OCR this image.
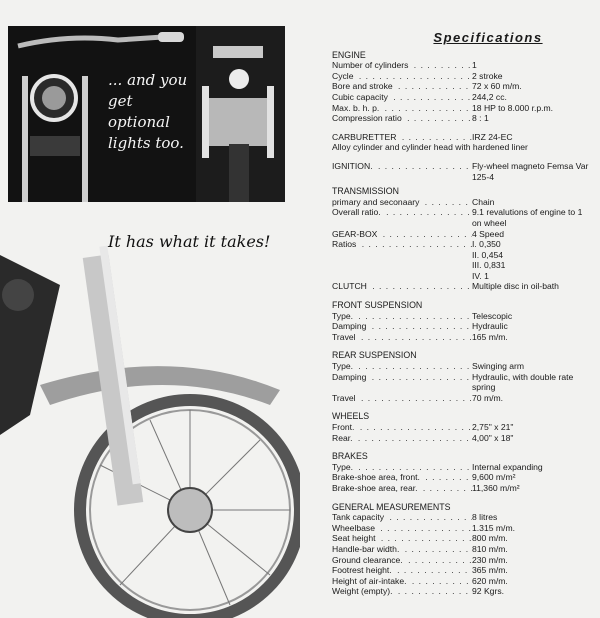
... and you get optional lights too.
It has what it takes!
Specifications
ENGINE
Number of cylinders . . .	1
Cycle . . .	2 stroke
Bore and stroke . . .	72 x 60 m/m.
Cubic capacity . . .	244,2 cc.
Max. b. h. p. . . .	18 HP to 8.000 r.p.m.
Compression ratio . . .	8 : 1
CARBURETTER . . .	IRZ 24-EC
Alloy cylinder and cylinder head with hardened liner
IGNITION. . . .	Fly-wheel magneto Femsa Var 125-4
TRANSMISSION
primary and seconaary . . .	Chain
Overall ratio. . . .	9.1 revalutions of engine to 1 on wheel
GEAR-BOX . . .	4 Speed
Ratios . . .	I. 0,350
II. 0,454
III. 0,831
IV. 1
CLUTCH . . .	Multiple disc in oil-bath
FRONT SUSPENSION
Type. . . .	Telescopic
Damping . . .	Hydraulic
Travel . . .	165 m/m.
REAR SUSPENSION
Type. . . .	Swinging arm
Damping . . .	Hydraulic, with double rate spring
Travel . . .	70 m/m.
WHEELS
Front. . . .	2,75" x 21"
Rear. . . .	4,00" x 18"
BRAKES
Type. . . .	Internal expanding
Brake-shoe area, front. . . .	9,600 m/m²
Brake-shoe area, rear. . . .	11,360 m/m²
GENERAL MEASUREMENTS
Tank capacity . . .	8 litres
Wheelbase . . .	1.315 m/m.
Seat height . . .	800 m/m.
Handle-bar width. . . .	810 m/m.
Ground clearance. . . .	230 m/m.
Footrest height. . . .	365 m/m.
Height of air-intake. . . .	620 m/m.
Weight (empty). . . .	92 Kgrs.
